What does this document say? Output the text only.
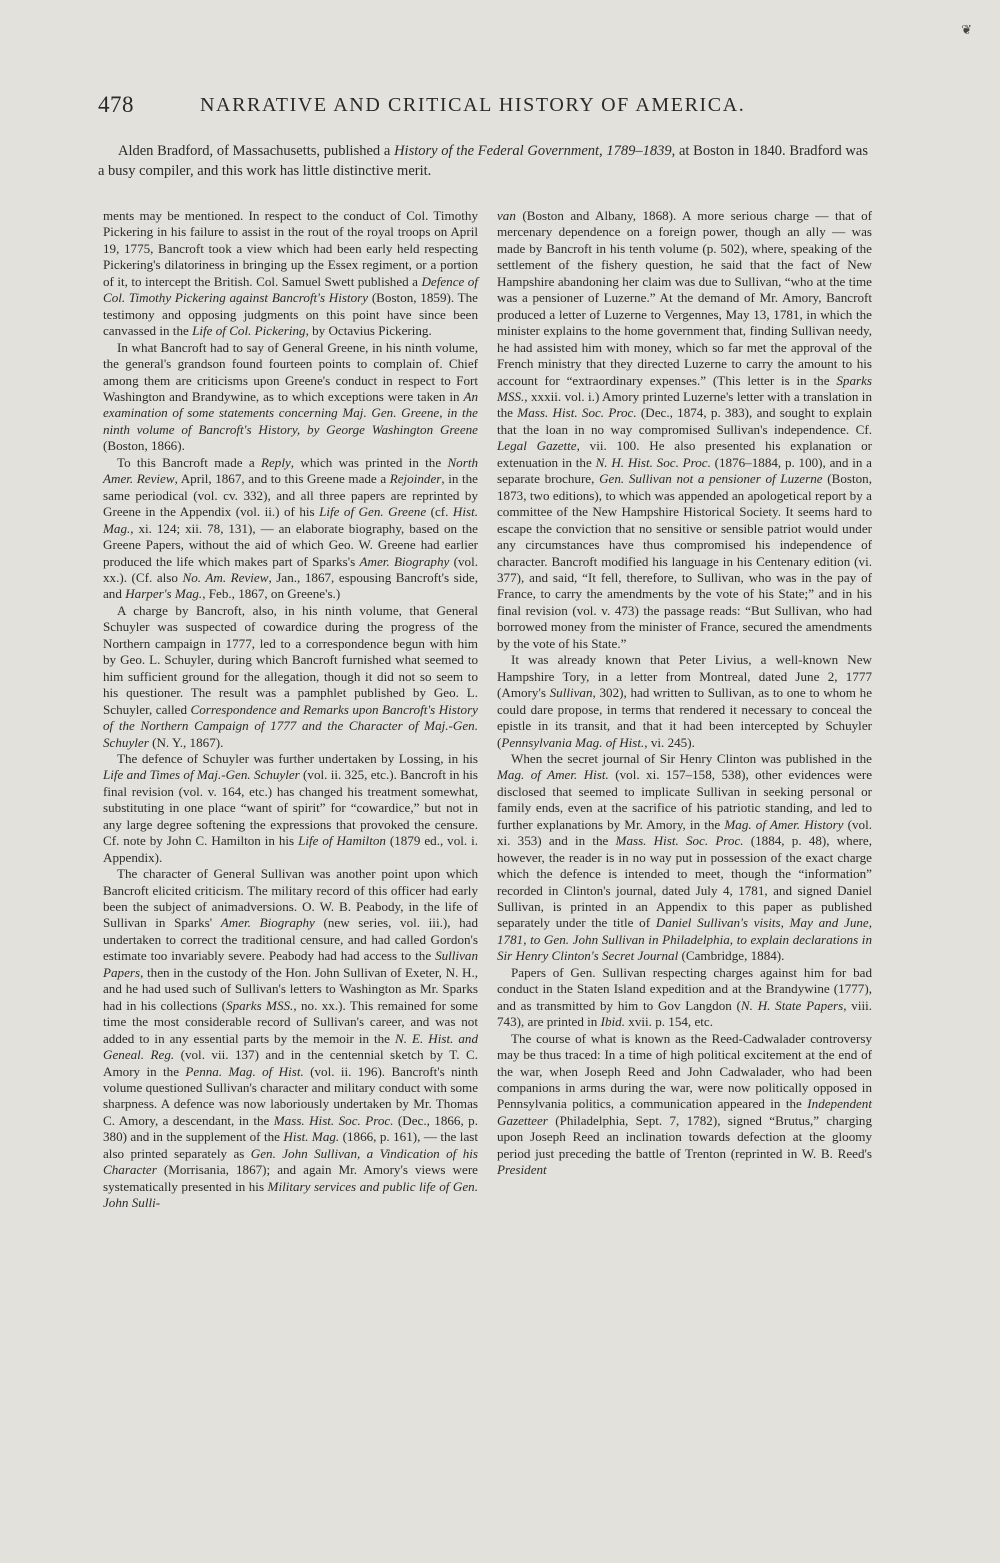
❦
478	NARRATIVE AND CRITICAL HISTORY OF AMERICA.
Alden Bradford, of Massachusetts, published a History of the Federal Government, 1789–1839, at Boston in 1840. Bradford was a busy compiler, and this work has little distinctive merit.

ments may be mentioned. In respect to the conduct of Col. Timothy Pickering in his failure to assist in the rout of the royal troops on April 19, 1775, Bancroft took a view which had been early held respecting Pickering's dilatoriness in bringing up the Essex regiment, or a portion of it, to intercept the British. Col. Samuel Swett published a Defence of Col. Timothy Pickering against Bancroft's History (Boston, 1859). The testimony and opposing judgments on this point have since been canvassed in the Life of Col. Pickering, by Octavius Pickering.

In what Bancroft had to say of General Greene, in his ninth volume, the general's grandson found fourteen points to complain of. Chief among them are criticisms upon Greene's conduct in respect to Fort Washington and Brandywine, as to which exceptions were taken in An examination of some statements concerning Maj. Gen. Greene, in the ninth volume of Bancroft's History, by George Washington Greene (Boston, 1866).

To this Bancroft made a Reply, which was printed in the North Amer. Review, April, 1867, and to this Greene made a Rejoinder, in the same periodical (vol. cv. 332), and all three papers are reprinted by Greene in the Appendix (vol. ii.) of his Life of Gen. Greene (cf. Hist. Mag., xi. 124; xii. 78, 131), — an elaborate biography, based on the Greene Papers, without the aid of which Geo. W. Greene had earlier produced the life which makes part of Sparks's Amer. Biography (vol. xx.). (Cf. also No. Am. Review, Jan., 1867, espousing Bancroft's side, and Harper's Mag., Feb., 1867, on Greene's.)

A charge by Bancroft, also, in his ninth volume, that General Schuyler was suspected of cowardice during the progress of the Northern campaign in 1777, led to a correspondence begun with him by Geo. L. Schuyler, during which Bancroft furnished what seemed to him sufficient ground for the allegation, though it did not so seem to his questioner. The result was a pamphlet published by Geo. L. Schuyler, called Correspondence and Remarks upon Bancroft's History of the Northern Campaign of 1777 and the Character of Maj.-Gen. Schuyler (N. Y., 1867).

The defence of Schuyler was further undertaken by Lossing, in his Life and Times of Maj.-Gen. Schuyler (vol. ii. 325, etc.). Bancroft in his final revision (vol. v. 164, etc.) has changed his treatment somewhat, substituting in one place “want of spirit” for “cowardice,” but not in any large degree softening the expressions that provoked the censure. Cf. note by John C. Hamilton in his Life of Hamilton (1879 ed., vol. i. Appendix).

The character of General Sullivan was another point upon which Bancroft elicited criticism. The military record of this officer had early been the subject of animadversions. O. W. B. Peabody, in the life of Sullivan in Sparks' Amer. Biography (new series, vol. iii.), had undertaken to correct the traditional censure, and had called Gordon's estimate too invariably severe. Peabody had had access to the Sullivan Papers, then in the custody of the Hon. John Sullivan of Exeter, N. H., and he had used such of Sullivan's letters to Washington as Mr. Sparks had in his collections (Sparks MSS., no. xx.). This remained for some time the most considerable record of Sullivan's career, and was not added to in any essential parts by the memoir in the N. E. Hist. and Geneal. Reg. (vol. vii. 137) and in the centennial sketch by T. C. Amory in the Penna. Mag. of Hist. (vol. ii. 196). Bancroft's ninth volume questioned Sullivan's character and military conduct with some sharpness. A defence was now laboriously undertaken by Mr. Thomas C. Amory, a descendant, in the Mass. Hist. Soc. Proc. (Dec., 1866, p. 380) and in the supplement of the Hist. Mag. (1866, p. 161), — the last also printed separately as Gen. John Sullivan, a Vindication of his Character (Morrisania, 1867); and again Mr. Amory's views were systematically presented in his Military services and public life of Gen. John Sulli-

van (Boston and Albany, 1868). A more serious charge — that of mercenary dependence on a foreign power, though an ally — was made by Bancroft in his tenth volume (p. 502), where, speaking of the settlement of the fishery question, he said that the fact of New Hampshire abandoning her claim was due to Sullivan, “who at the time was a pensioner of Luzerne.” At the demand of Mr. Amory, Bancroft produced a letter of Luzerne to Vergennes, May 13, 1781, in which the minister explains to the home government that, finding Sullivan needy, he had assisted him with money, which so far met the approval of the French ministry that they directed Luzerne to carry the amount to his account for “extraordinary expenses.” (This letter is in the Sparks MSS., xxxii. vol. i.) Amory printed Luzerne's letter with a translation in the Mass. Hist. Soc. Proc. (Dec., 1874, p. 383), and sought to explain that the loan in no way compromised Sullivan's independence. Cf. Legal Gazette, vii. 100. He also presented his explanation or extenuation in the N. H. Hist. Soc. Proc. (1876–1884, p. 100), and in a separate brochure, Gen. Sullivan not a pensioner of Luzerne (Boston, 1873, two editions), to which was appended an apologetical report by a committee of the New Hampshire Historical Society. It seems hard to escape the conviction that no sensitive or sensible patriot would under any circumstances have thus compromised his independence of character. Bancroft modified his language in his Centenary edition (vi. 377), and said, “It fell, therefore, to Sullivan, who was in the pay of France, to carry the amendments by the vote of his State;” and in his final revision (vol. v. 473) the passage reads: “But Sullivan, who had borrowed money from the minister of France, secured the amendments by the vote of his State.”

It was already known that Peter Livius, a well-known New Hampshire Tory, in a letter from Montreal, dated June 2, 1777 (Amory's Sullivan, 302), had written to Sullivan, as to one to whom he could dare propose, in terms that rendered it necessary to conceal the epistle in its transit, and that it had been intercepted by Schuyler (Pennsylvania Mag. of Hist., vi. 245).

When the secret journal of Sir Henry Clinton was published in the Mag. of Amer. Hist. (vol. xi. 157–158, 538), other evidences were disclosed that seemed to implicate Sullivan in seeking personal or family ends, even at the sacrifice of his patriotic standing, and led to further explanations by Mr. Amory, in the Mag. of Amer. History (vol. xi. 353) and in the Mass. Hist. Soc. Proc. (1884, p. 48), where, however, the reader is in no way put in possession of the exact charge which the defence is intended to meet, though the “information” recorded in Clinton's journal, dated July 4, 1781, and signed Daniel Sullivan, is printed in an Appendix to this paper as published separately under the title of Daniel Sullivan's visits, May and June, 1781, to Gen. John Sullivan in Philadelphia, to explain declarations in Sir Henry Clinton's Secret Journal (Cambridge, 1884).

Papers of Gen. Sullivan respecting charges against him for bad conduct in the Staten Island expedition and at the Brandywine (1777), and as transmitted by him to Gov Langdon (N. H. State Papers, viii. 743), are printed in Ibid. xvii. p. 154, etc.

The course of what is known as the Reed-Cadwalader controversy may be thus traced: In a time of high political excitement at the end of the war, when Joseph Reed and John Cadwalader, who had been companions in arms during the war, were now politically opposed in Pennsylvania politics, a communication appeared in the Independent Gazetteer (Philadelphia, Sept. 7, 1782), signed “Brutus,” charging upon Joseph Reed an inclination towards defection at the gloomy period just preceding the battle of Trenton (reprinted in W. B. Reed's President
